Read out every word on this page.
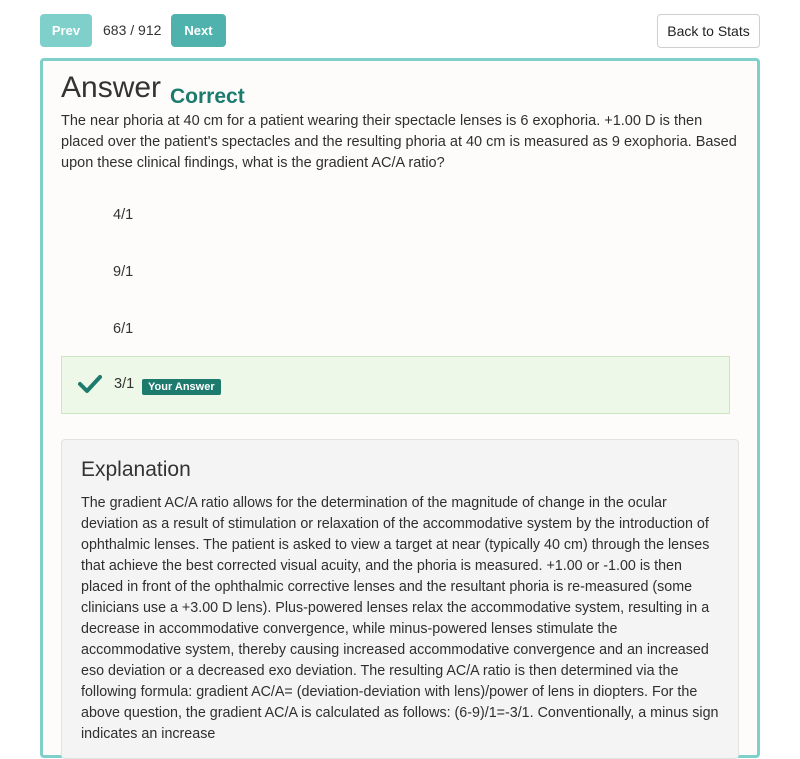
Prev	683 / 912	Next	Back to Stats
Answer Correct
The near phoria at 40 cm for a patient wearing their spectacle lenses is 6 exophoria. +1.00 D is then placed over the patient's spectacles and the resulting phoria at 40 cm is measured as 9 exophoria. Based upon these clinical findings, what is the gradient AC/A ratio?
4/1
9/1
6/1
3/1	Your Answer
Explanation
The gradient AC/A ratio allows for the determination of the magnitude of change in the ocular deviation as a result of stimulation or relaxation of the accommodative system by the introduction of ophthalmic lenses. The patient is asked to view a target at near (typically 40 cm) through the lenses that achieve the best corrected visual acuity, and the phoria is measured. +1.00 or -1.00 is then placed in front of the ophthalmic corrective lenses and the resultant phoria is re-measured (some clinicians use a +3.00 D lens). Plus-powered lenses relax the accommodative system, resulting in a decrease in accommodative convergence, while minus-powered lenses stimulate the accommodative system, thereby causing increased accommodative convergence and an increased eso deviation or a decreased exo deviation. The resulting AC/A ratio is then determined via the following formula: gradient AC/A= (deviation-deviation with lens)/power of lens in diopters. For the above question, the gradient AC/A is calculated as follows: (6-9)/1=-3/1. Conventionally, a minus sign indicates an increase
